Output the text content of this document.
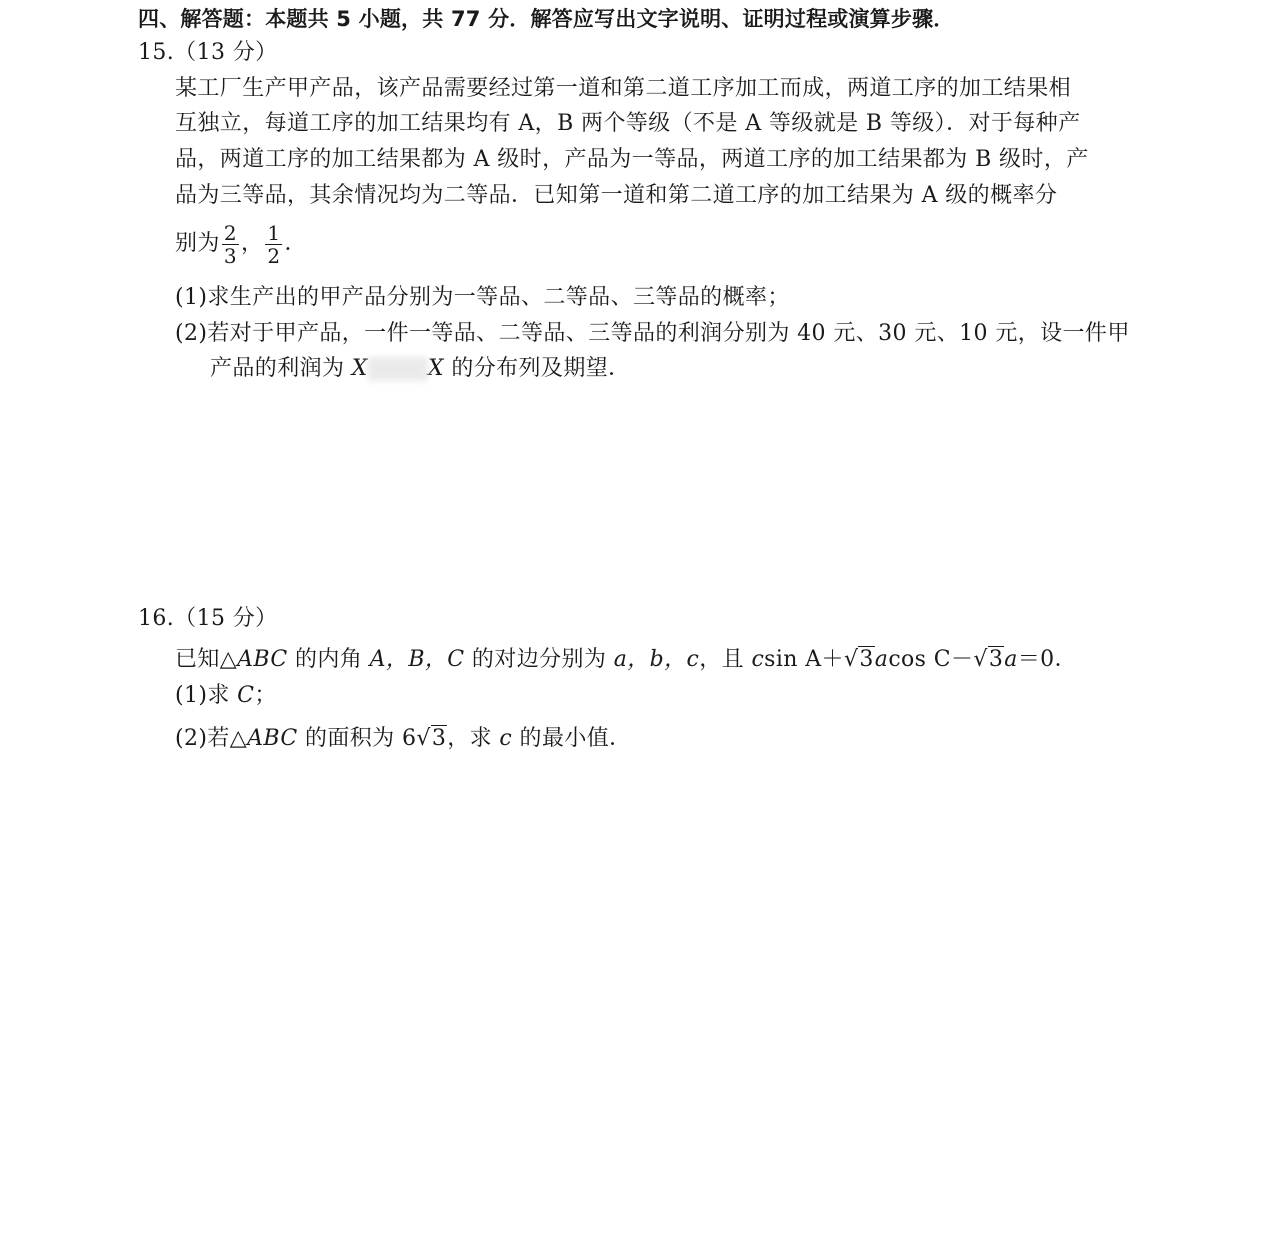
四、解答题：本题共 5 小题，共 77 分．解答应写出文字说明、证明过程或演算步骤．
15.（13 分）
某工厂生产甲产品，该产品需要经过第一道和第二道工序加工而成，两道工序的加工结果相
互独立，每道工序的加工结果均有 A，B 两个等级（不是 A 等级就是 B 等级）．对于每种产
品，两道工序的加工结果都为 A 级时，产品为一等品，两道工序的加工结果都为 B 级时，产
品为三等品，其余情况均为二等品．已知第一道和第二道工序的加工结果为 A 级的概率分
别为 $\frac{2}{3}$ ， $\frac{1}{2}$ ．
(1)求生产出的甲产品分别为一等品、二等品、三等品的概率；
(2)若对于甲产品，一件一等品、二等品、三等品的利润分别为 40 元、30 元、10 元，设一件甲
产品的利润为 X	X 的分布列及期望．
16.（15 分）
已知△ABC 的内角 A，B，C 的对边分别为 a，b，c，且 csin A＋√3acos C－√3a＝0．
(1)求 C；
(2)若△ABC 的面积为 6√3，求 c 的最小值．
